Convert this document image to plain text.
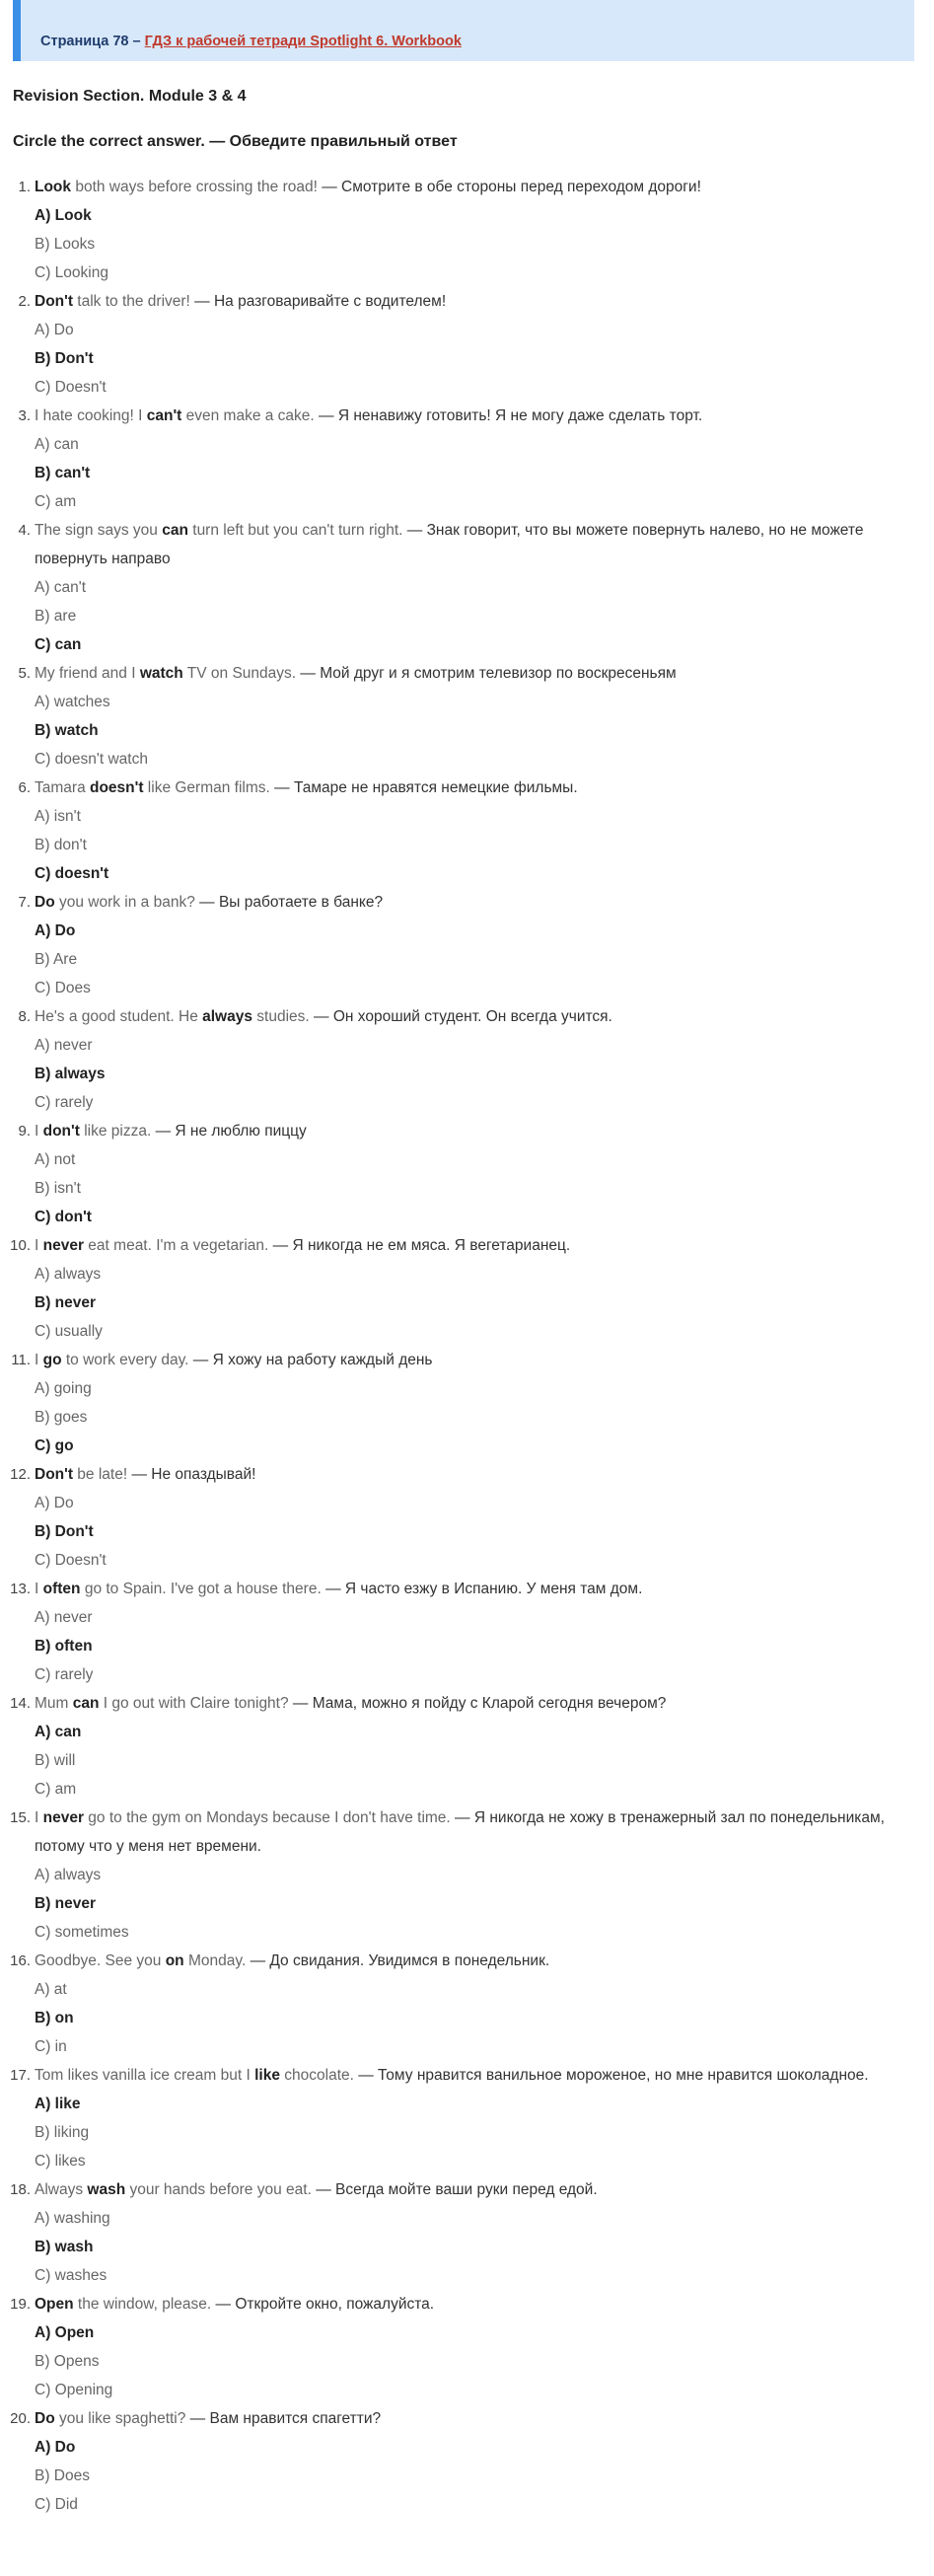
Страница 78 – ГДЗ к рабочей тетради Spotlight 6. Workbook
Revision Section. Module 3 & 4
Circle the correct answer. — Обведите правильный ответ
1. Look both ways before crossing the road! — Смотрите в обе стороны перед переходом дороги!
A) Look
B) Looks
C) Looking
2. Don't talk to the driver! — На разговаривайте с водителем!
A) Do
B) Don't
C) Doesn't
3. I hate cooking! I can't even make a cake. — Я ненавижу готовить! Я не могу даже сделать торт.
A) can
B) can't
C) am
4. The sign says you can turn left but you can't turn right. — Знак говорит, что вы можете повернуть налево, но не можете повернуть направо
A) can't
B) are
C) can
5. My friend and I watch TV on Sundays. — Мой друг и я смотрим телевизор по воскресеньям
A) watches
B) watch
C) doesn't watch
6. Tamara doesn't like German films. — Тамаре не нравятся немецкие фильмы.
A) isn't
B) don't
C) doesn't
7. Do you work in a bank? — Вы работаете в банке?
A) Do
B) Are
C) Does
8. He's a good student. He always studies. — Он хороший студент. Он всегда учится.
A) never
B) always
C) rarely
9. I don't like pizza. — Я не люблю пиццу
A) not
B) isn't
C) don't
10. I never eat meat. I'm a vegetarian. — Я никогда не ем мяса. Я вегетарианец.
A) always
B) never
C) usually
11. I go to work every day. — Я хожу на работу каждый день
A) going
B) goes
C) go
12. Don't be late! — Не опаздывай!
A) Do
B) Don't
C) Doesn't
13. I often go to Spain. I've got a house there. — Я часто езжу в Испанию. У меня там дом.
A) never
B) often
C) rarely
14. Mum can I go out with Claire tonight? — Мама, можно я пойду с Кларой сегодня вечером?
A) can
B) will
C) am
15. I never go to the gym on Mondays because I don't have time. — Я никогда не хожу в тренажерный зал по понедельникам, потому что у меня нет времени.
A) always
B) never
C) sometimes
16. Goodbye. See you on Monday. — До свидания. Увидимся в понедельник.
A) at
B) on
C) in
17. Tom likes vanilla ice cream but I like chocolate. — Тому нравится ванильное мороженое, но мне нравится шоколадное.
A) like
B) liking
C) likes
18. Always wash your hands before you eat. — Всегда мойте ваши руки перед едой.
A) washing
B) wash
C) washes
19. Open the window, please. — Откройте окно, пожалуйста.
A) Open
B) Opens
C) Opening
20. Do you like spaghetti? — Вам нравится спагетти?
A) Do
B) Does
C) Did
